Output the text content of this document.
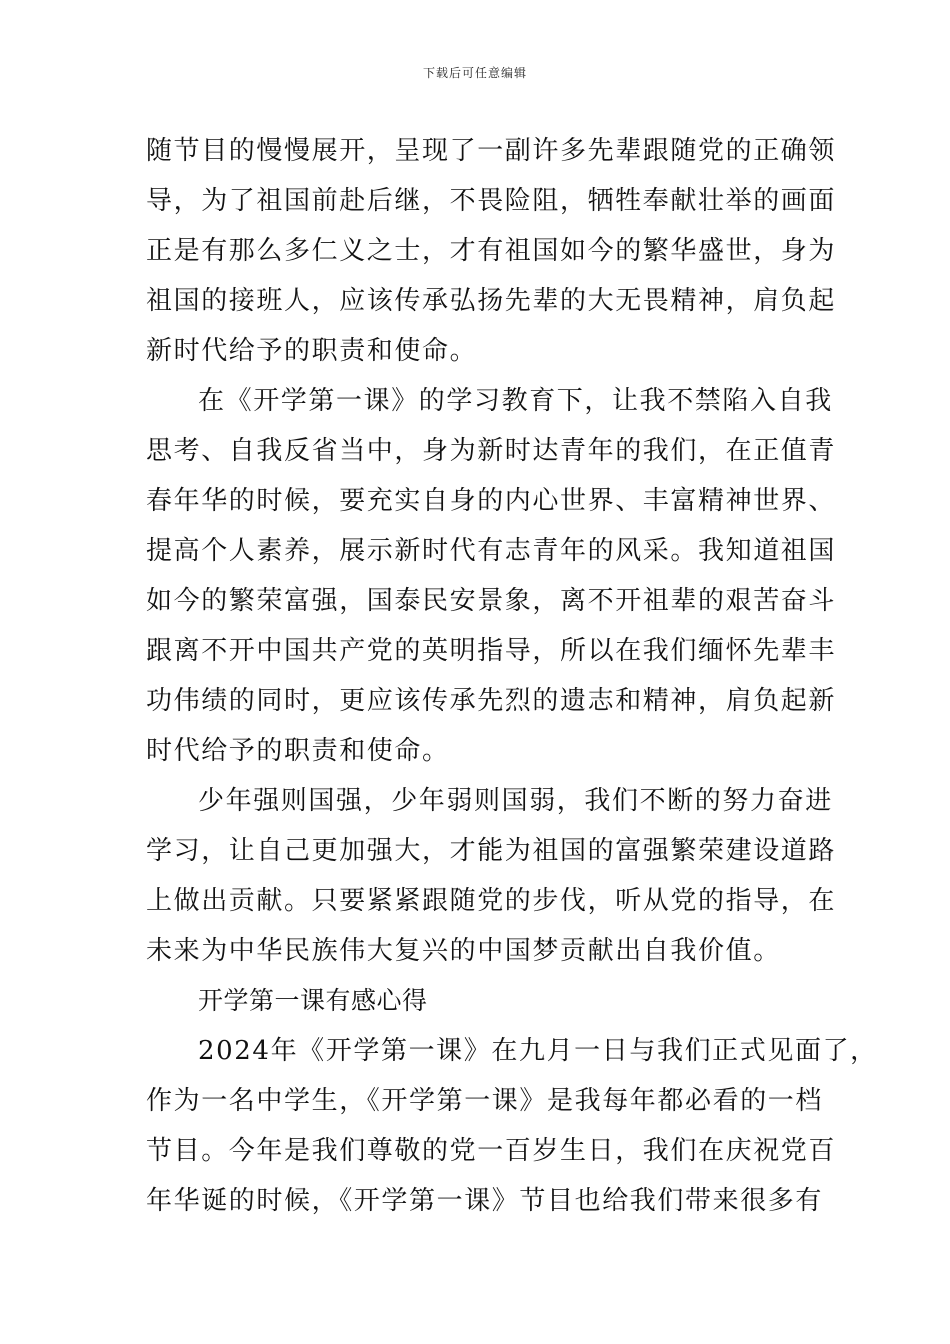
下载后可任意编辑
随节目的慢慢展开，呈现了一副许多先辈跟随党的正确领
导，为了祖国前赴后继，不畏险阻，牺牲奉献壮举的画面
正是有那么多仁义之士，才有祖国如今的繁华盛世，身为
祖国的接班人，应该传承弘扬先辈的大无畏精神，肩负起
新时代给予的职责和使命。
在《开学第一课》的学习教育下，让我不禁陷入自我
思考、自我反省当中，身为新时达青年的我们，在正值青
春年华的时候，要充实自身的内心世界、丰富精神世界、
提高个人素养，展示新时代有志青年的风采。我知道祖国
如今的繁荣富强，国泰民安景象，离不开祖辈的艰苦奋斗
跟离不开中国共产党的英明指导，所以在我们缅怀先辈丰
功伟绩的同时，更应该传承先烈的遗志和精神，肩负起新
时代给予的职责和使命。
少年强则国强，少年弱则国弱，我们不断的努力奋进
学习，让自己更加强大，才能为祖国的富强繁荣建设道路
上做出贡献。只要紧紧跟随党的步伐，听从党的指导，在
未来为中华民族伟大复兴的中国梦贡献出自我价值。
开学第一课有感心得
2024年《开学第一课》在九月一日与我们正式见面了，
作为一名中学生，《开学第一课》是我每年都必看的一档
节目。今年是我们尊敬的党一百岁生日，我们在庆祝党百
年华诞的时候，《开学第一课》节目也给我们带来很多有
